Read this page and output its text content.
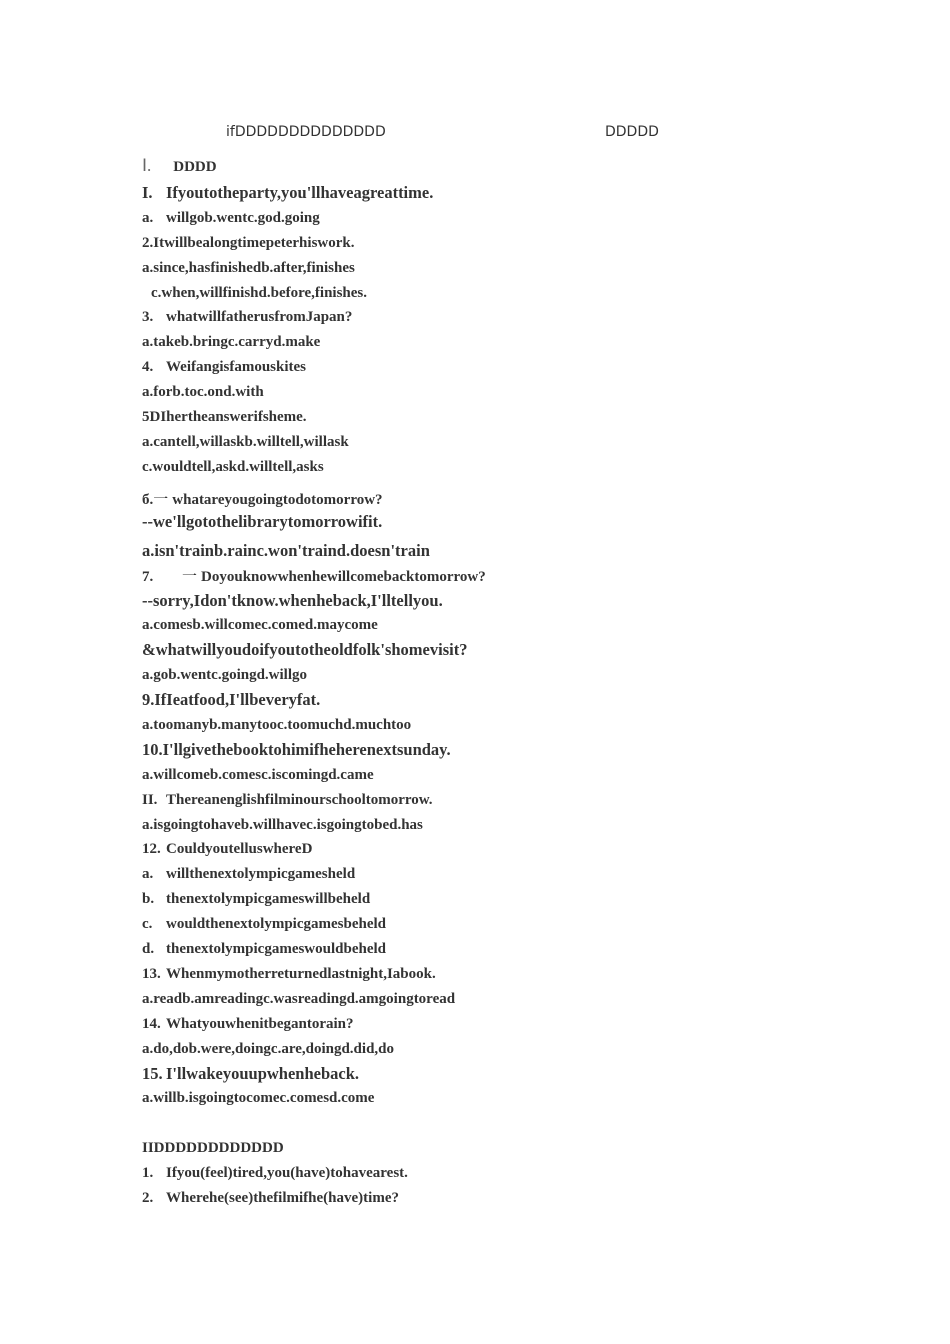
ifDDDDDDDDDDDDDD	DDDDD
Ⅰ. DDDD
I. Ifyoutotheparty,you'llhaveagreattime.
a. willgob.wentc.god.going
2.Itwillbealongtimepeterhiswork.
a.since,hasfinishedb.after,finishes
c.when,willfinishd.before,finishes.
3. whatwillfatherusfromJapan?
a.takeb.bringc.carryd.make
4. Weifangisfamouskites
a.forb.toc.ond.with
5DIhertheanswerifsheme.
a.cantell,willaskb.willtell,willask
c.wouldtell,askd.willtell,asks
б.一 whatareyougoingtodotomorrow?
--we'llgotothelibrarytomorrowifit.
a.isn'trainb.rainc.won'traind.doesn'train
7. 一 Doyouknowwhenhewillcomebacktomorrow?
--sorry,Idon'tknow.whenheback,I'lltellyou.
a.comesb.willcomec.comed.maycome
&whatwillyoudoifyoutotheoldfolk'shomevisit?
a.gob.wentc.goingd.willgo
9.IfIeatfood,I'llbeveryfat.
a.toomanyb.manytooc.toomuchd.muchtoo
10.I'llgivethebooktohimifheherenextsunday.
a.willcomeb.comesc.iscomingd.came
II. Thereanenglishfilminourschooltomorrow.
a.isgoingtohaveb.willhavec.isgoingtobed.has
12. CouldyoutelluswhereD
a. willthenextolympicgamesheld
b. thenextolympicgameswillbeheld
c. wouldthenextolympicgamesbeheld
d. thenextolympicgameswouldbeheld
13. Whenmymotherreturnedlastnight,Iabook.
a.readb.amreadingc.wasreadingd.amgoingtoread
14. Whatyouwhenitbegantorain?
a.do,dob.were,doingc.are,doingd.did,do
15. I'llwakeyouupwhenheback.
a.willb.isgoingtocomec.comesd.come
IIDDDDDDDDDDDD
1. Ifyou(feel)tired,you(have)tohavearest.
2. Wherehe(see)thefilmifhe(have)time?
